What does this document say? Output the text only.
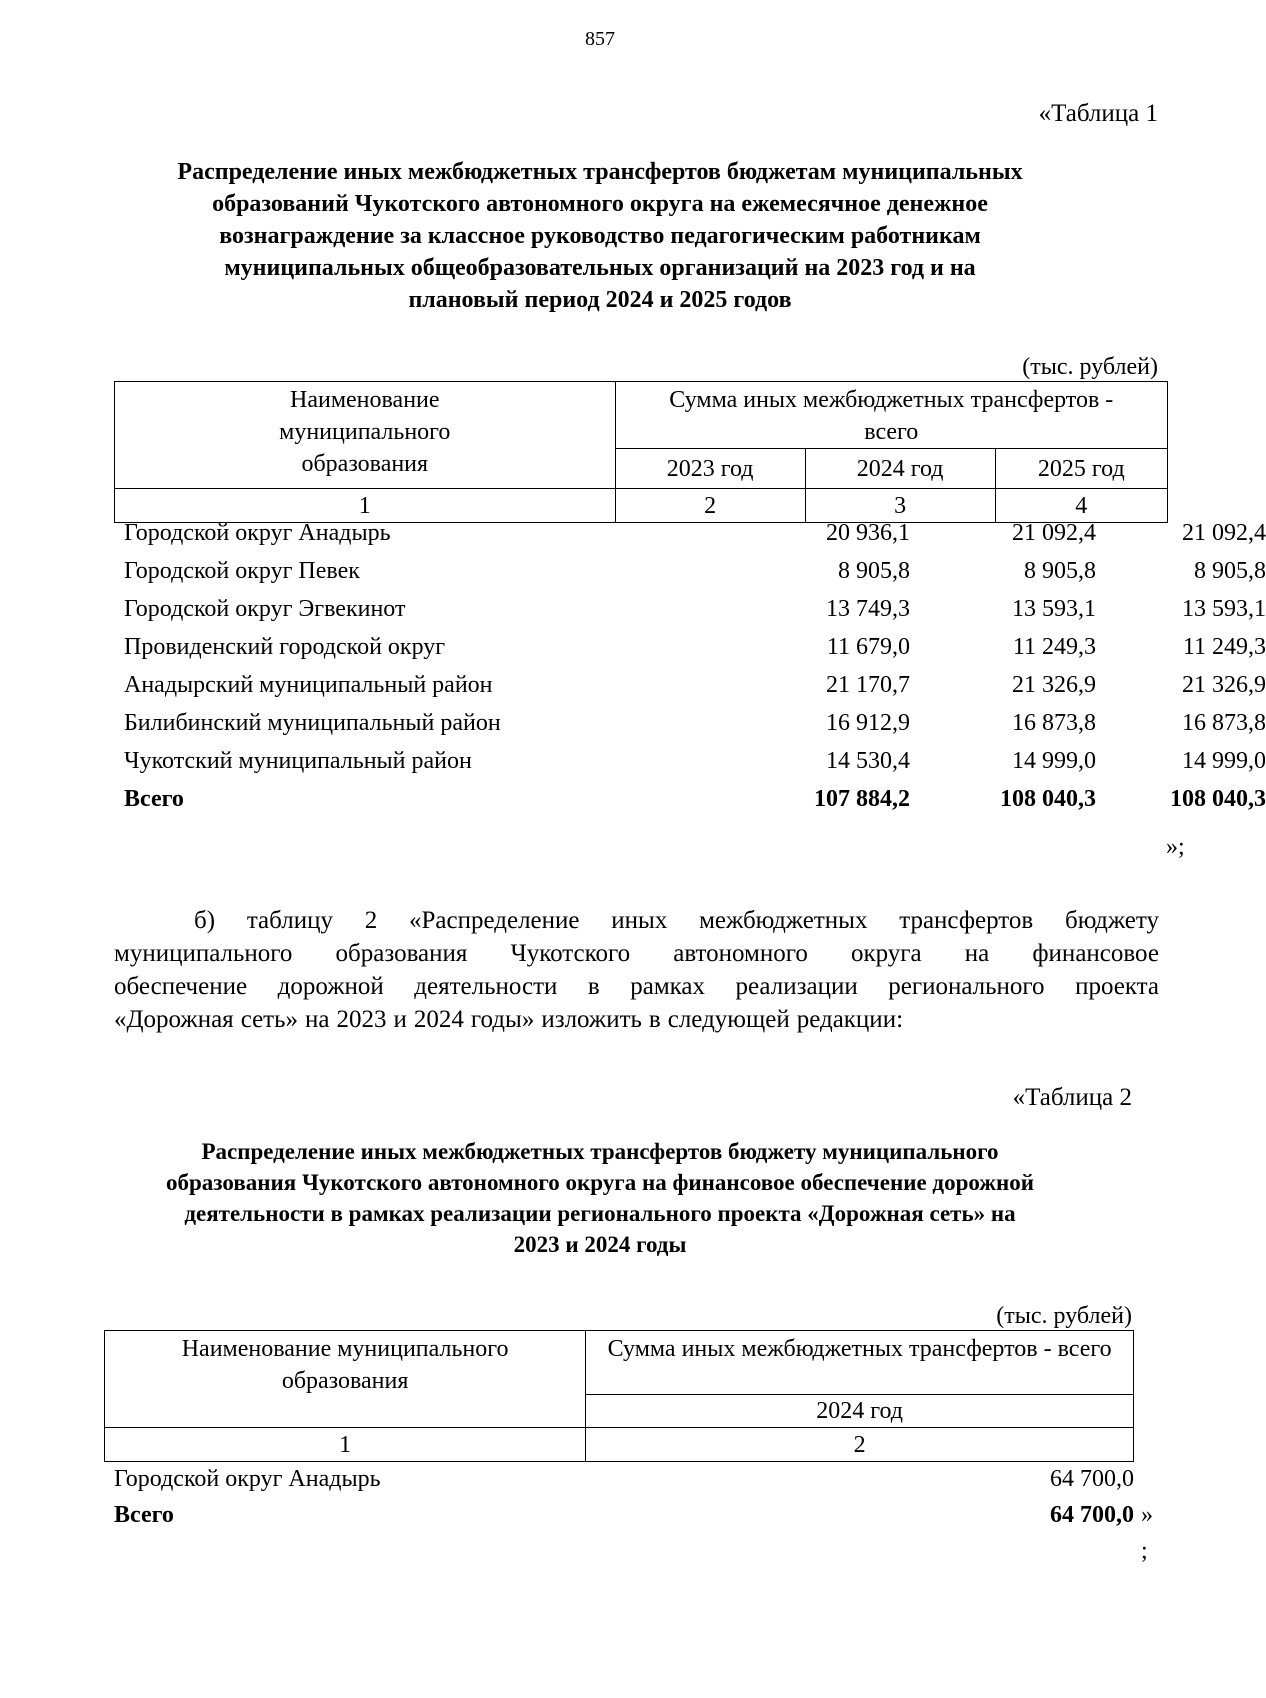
857
«Таблица 1
Распределение иных межбюджетных трансфертов бюджетам муниципальных
образований Чукотского автономного округа на ежемесячное денежное
вознаграждение за классное руководство педагогическим работникам
муниципальных общеобразовательных организаций на 2023 год и на
плановый период 2024 и 2025 годов
(тыс. рублей)
Наименование муниципального образования	Сумма иных межбюджетных трансфертов - всего		

	2023 год	2024 год	2025 год
1	2	3	4
Городской округ Анадырь	20 936,1	21 092,4	21 092,4
Городской округ Певек	8 905,8	8 905,8	8 905,8
Городской округ Эгвекинот	13 749,3	13 593,1	13 593,1
Провиденский городской округ	11 679,0	11 249,3	11 249,3
Анадырский муниципальный район	21 170,7	21 326,9	21 326,9
Билибинский муниципальный район	16 912,9	16 873,8	16 873,8
Чукотский муниципальный район	14 530,4	14 999,0	14 999,0
Всего	107 884,2	108 040,3	108 040,3
»;
б) таблицу 2 «Распределение иных межбюджетных трансфертов бюджету
муниципального образования Чукотского автономного округа на финансовое
обеспечение дорожной деятельности в рамках реализации регионального проекта
«Дорожная сеть» на 2023 и 2024 годы» изложить в следующей редакции:
«Таблица 2
Распределение иных межбюджетных трансфертов бюджету муниципального
образования Чукотского автономного округа на финансовое обеспечение дорожной
деятельности в рамках реализации регионального проекта «Дорожная сеть» на
2023 и 2024 годы
(тыс. рублей)
Наименование муниципального образования	Сумма иных межбюджетных трансфертов - всего

	2024 год
1	2
Городской округ Анадырь	64 700,0
Всего	64 700,0 »
;
